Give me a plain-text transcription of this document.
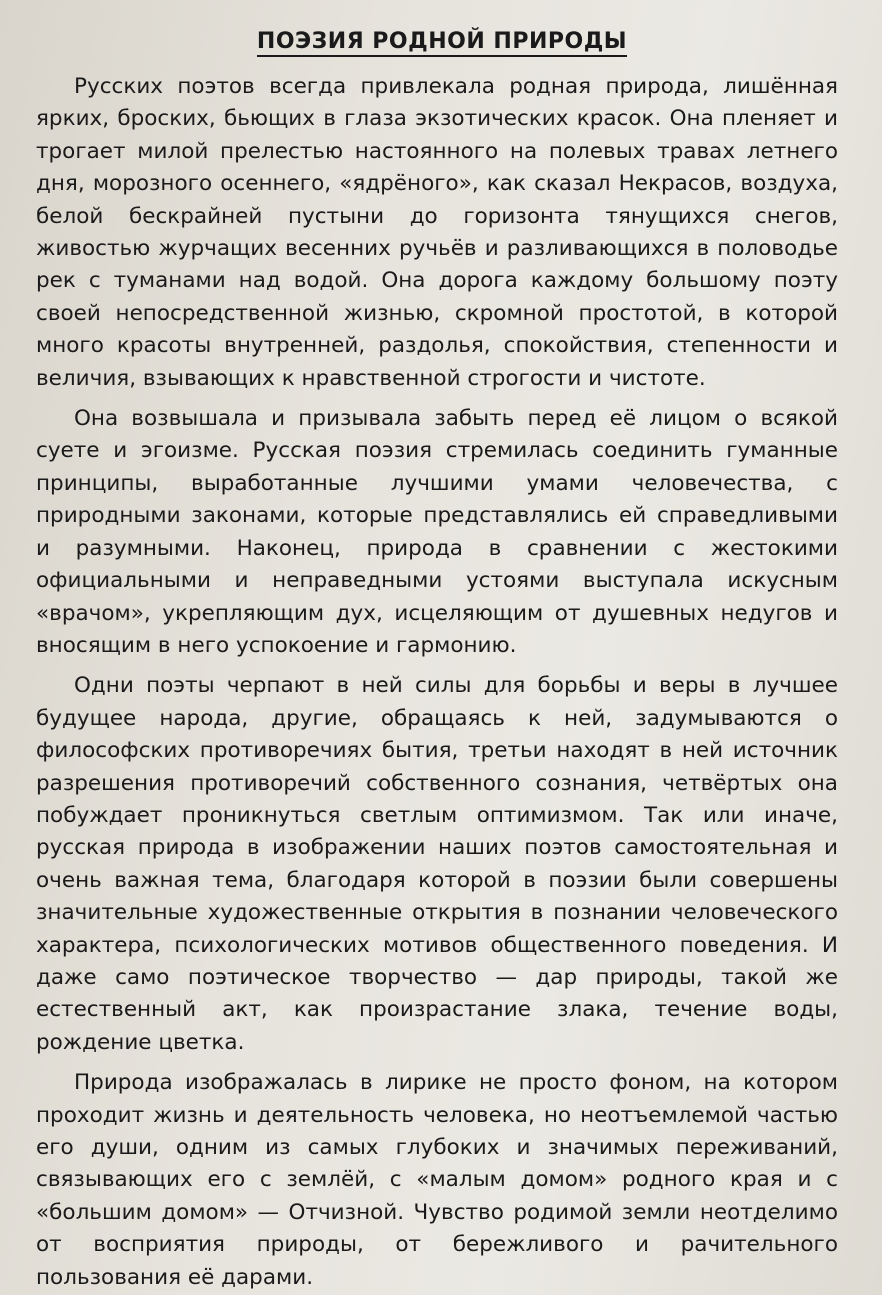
ПОЭЗИЯ РОДНОЙ ПРИРОДЫ

Русских поэтов всегда привлекала родная природа, лишённая ярких, броских, бьющих в глаза экзотических красок. Она пленяет и трогает милой прелестью настоянного на полевых травах летнего дня, морозного осеннего, «ядрёного», как сказал Некрасов, воздуха, белой бескрайней пустыни до горизонта тянущихся снегов, живостью журчащих весенних ручьёв и разливающихся в половодье рек с туманами над водой. Она дорога каждому большому поэту своей непосредственной жизнью, скромной простотой, в которой много красоты внутренней, раздолья, спокойствия, степенности и величия, взывающих к нравственной строгости и чистоте.

Она возвышала и призывала забыть перед её лицом о всякой суете и эгоизме. Русская поэзия стремилась соединить гуманные принципы, выработанные лучшими умами человечества, с природными законами, которые представлялись ей справедливыми и разумными. Наконец, природа в сравнении с жестокими официальными и неправедными устоями выступала искусным «врачом», укрепляющим дух, исцеляющим от душевных недугов и вносящим в него успокоение и гармонию.

Одни поэты черпают в ней силы для борьбы и веры в лучшее будущее народа, другие, обращаясь к ней, задумываются о философских противоречиях бытия, третьи находят в ней источник разрешения противоречий собственного сознания, четвёртых она побуждает проникнуться светлым оптимизмом. Так или иначе, русская природа в изображении наших поэтов самостоятельная и очень важная тема, благодаря которой в поэзии были совершены значительные художественные открытия в познании человеческого характера, психологических мотивов общественного поведения. И даже само поэтическое творчество — дар природы, такой же естественный акт, как произрастание злака, течение воды, рождение цветка.

Природа изображалась в лирике не просто фоном, на котором проходит жизнь и деятельность человека, но неотъемлемой частью его души, одним из самых глубоких и значимых переживаний, связывающих его с землёй, с «малым домом» родного края и с «большим домом» — Отчизной. Чувство родимой земли неотделимо от восприятия природы, от бережливого и рачительного пользования её дарами.
